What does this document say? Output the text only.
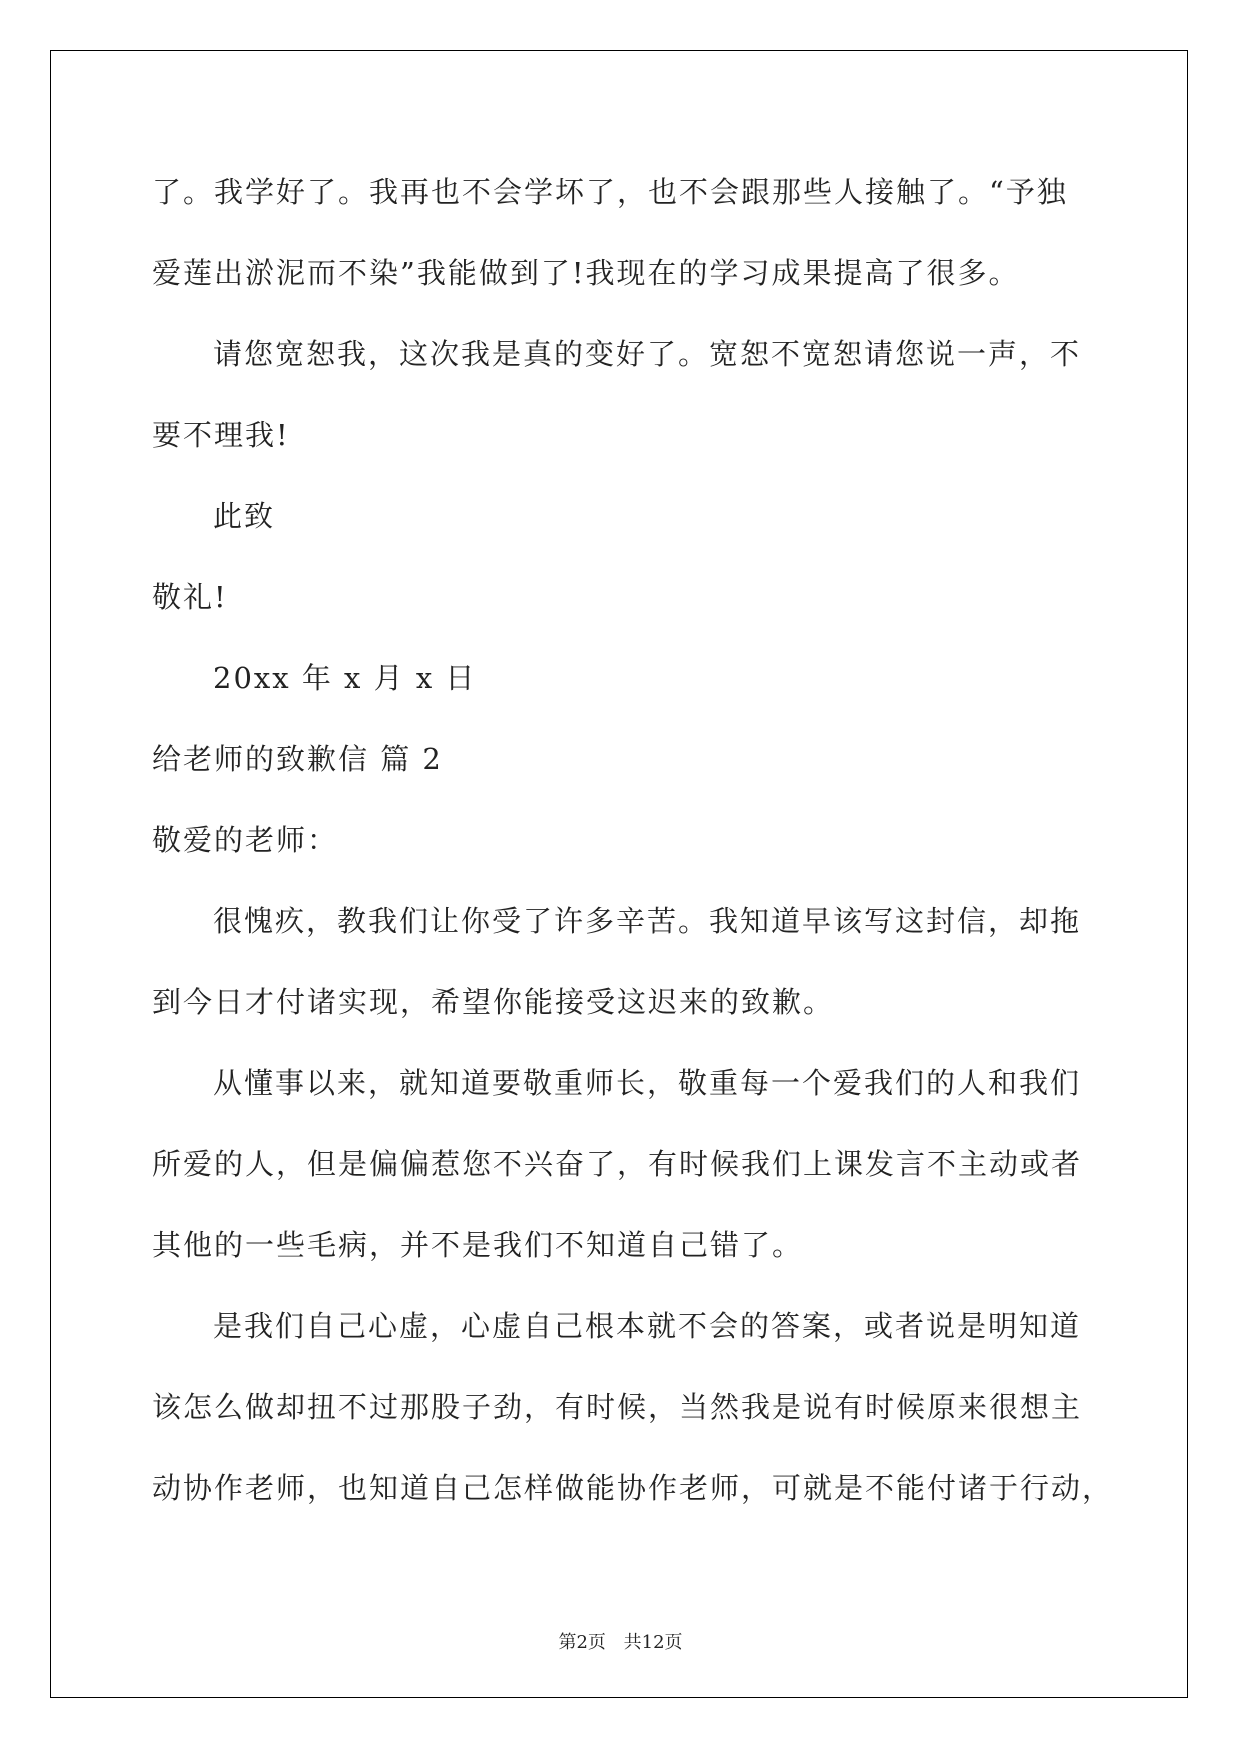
了。我学好了。我再也不会学坏了，也不会跟那些人接触了。“予独
爱莲出淤泥而不染”我能做到了!我现在的学习成果提高了很多。
请您宽恕我，这次我是真的变好了。宽恕不宽恕请您说一声，不
要不理我!
此致
敬礼!
20xx 年 x 月 x 日
给老师的致歉信 篇 2
敬爱的老师：
很愧疚，教我们让你受了许多辛苦。我知道早该写这封信，却拖
到今日才付诸实现，希望你能接受这迟来的致歉。
从懂事以来，就知道要敬重师长，敬重每一个爱我们的人和我们
所爱的人，但是偏偏惹您不兴奋了，有时候我们上课发言不主动或者
其他的一些毛病，并不是我们不知道自己错了。
是我们自己心虚，心虚自己根本就不会的答案，或者说是明知道
该怎么做却扭不过那股子劲，有时候，当然我是说有时候原来很想主
动协作老师，也知道自己怎样做能协作老师，可就是不能付诸于行动，
第2页 共12页
